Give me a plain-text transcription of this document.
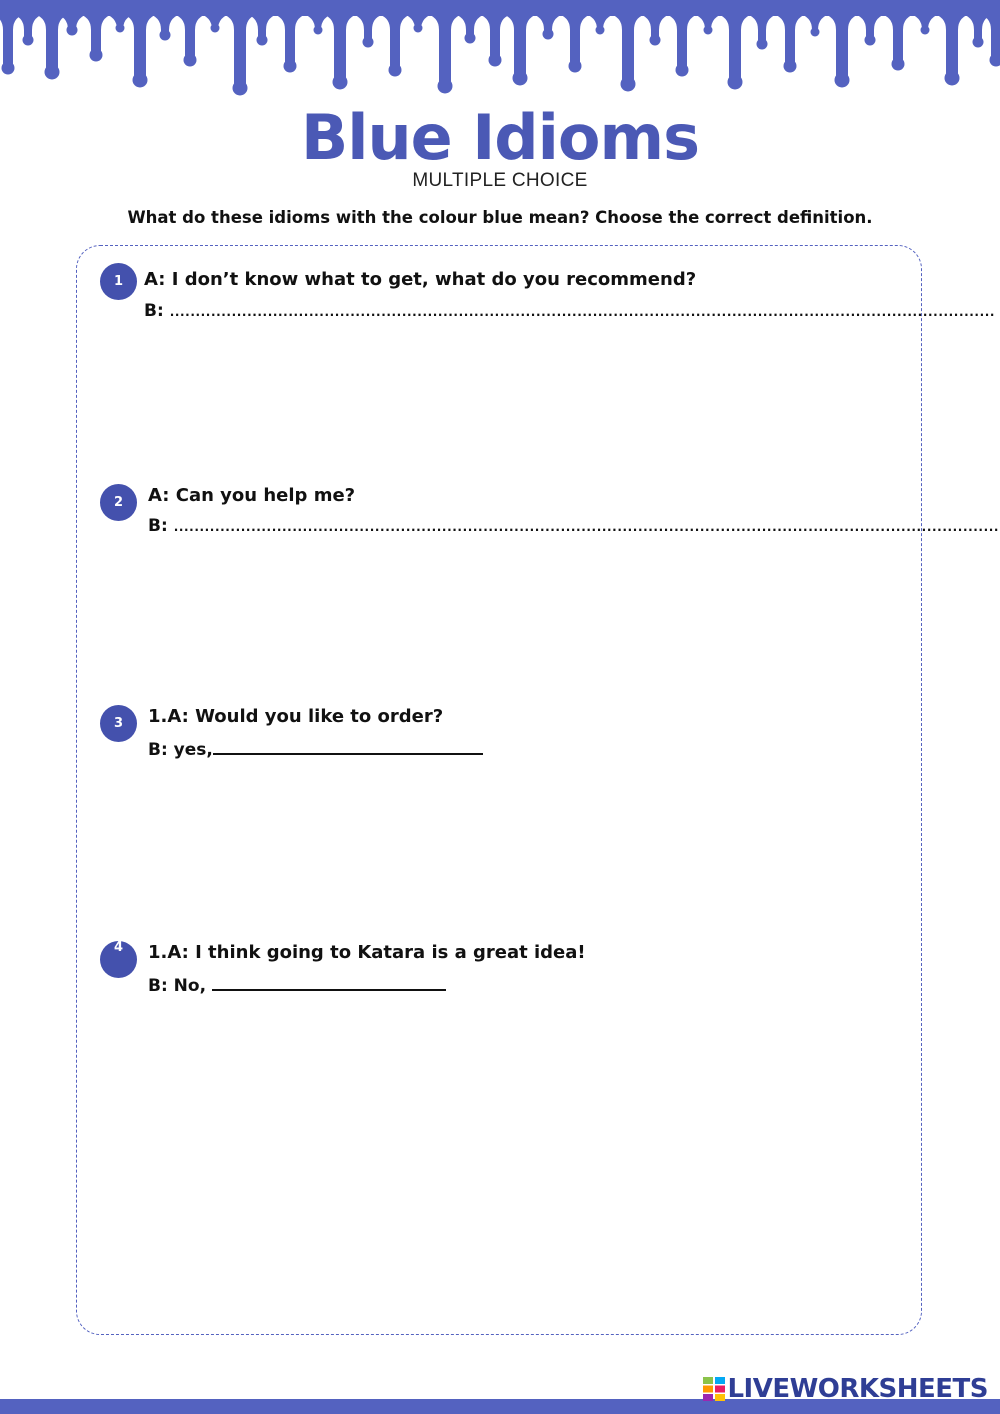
Blue Idioms
MULTIPLE CHOICE
What do these idioms with the colour blue mean? Choose the correct definition.
1	A: I don’t know what to get, what do you recommend?
B: ................................................................................................................................................................
2	A: Can you help me?
B: ................................................................................................................................................................
3	1.A: Would you like to order?
B: yes,
4	1.A: I think going to Katara is a great idea!
B: No,
LIVEWORKSHEETS
